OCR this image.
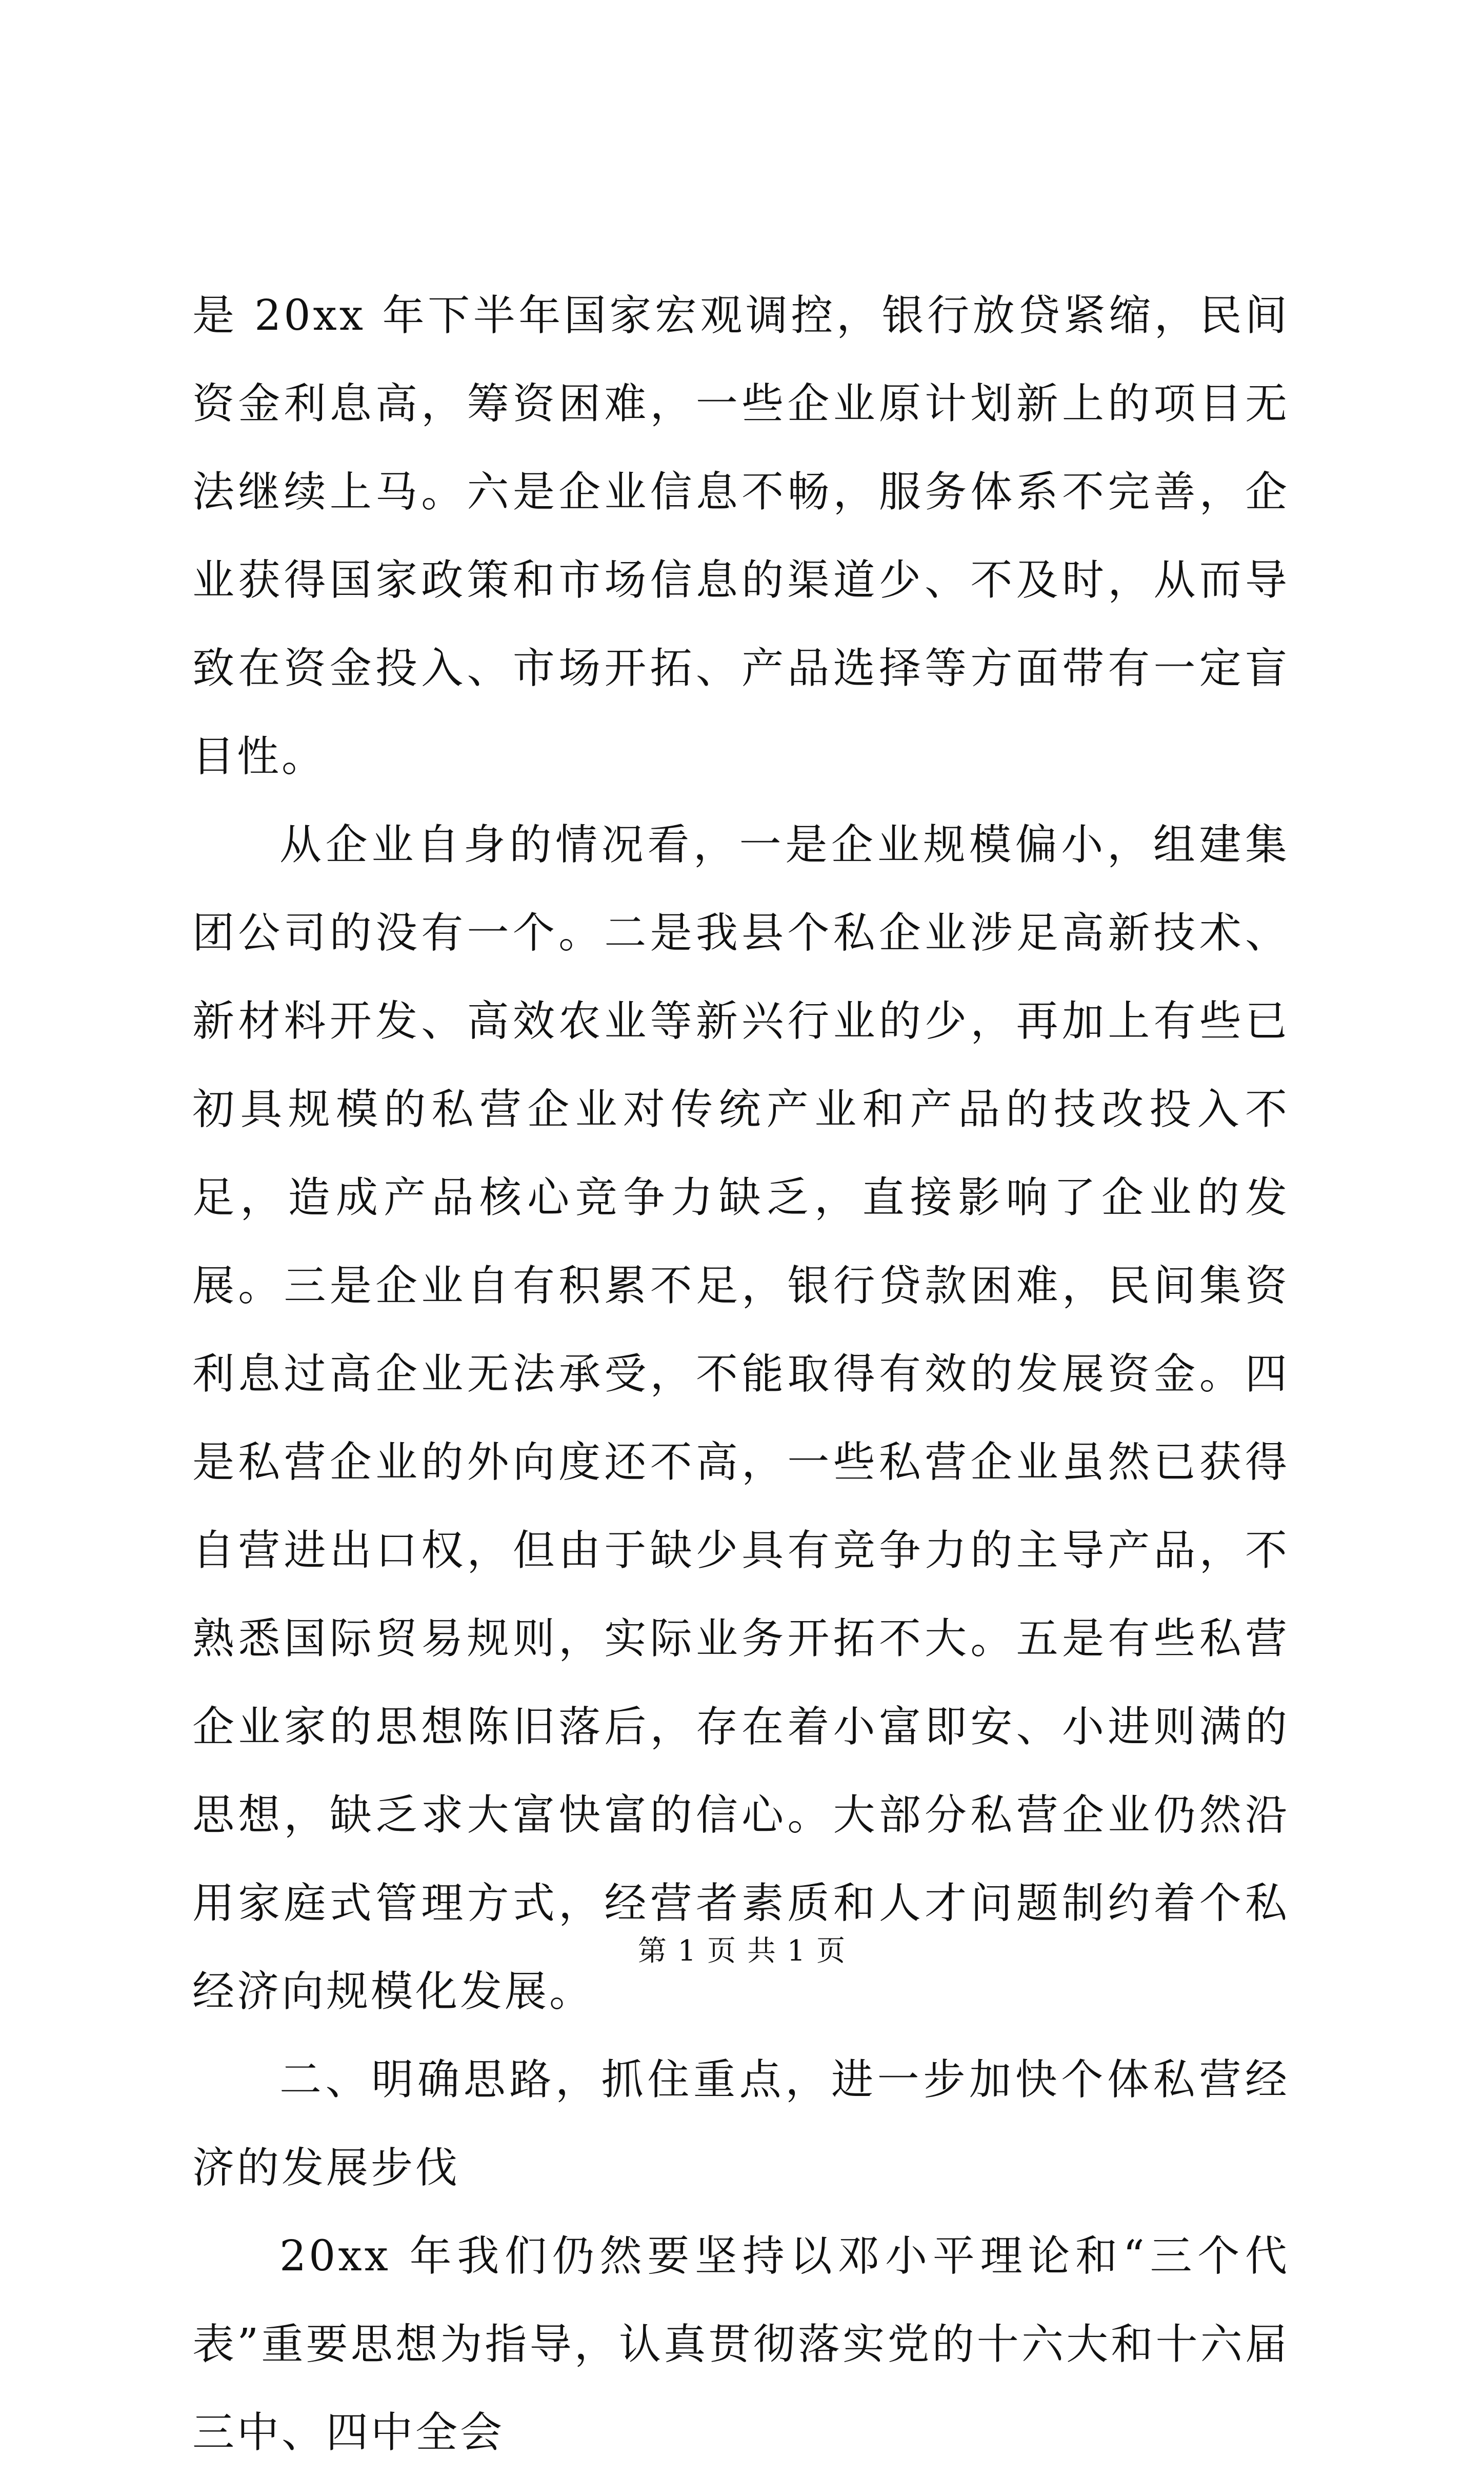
是 20xx 年下半年国家宏观调控，银行放贷紧缩，民间资金利息高，筹资困难，一些企业原计划新上的项目无法继续上马。六是企业信息不畅，服务体系不完善，企业获得国家政策和市场信息的渠道少、不及时，从而导致在资金投入、市场开拓、产品选择等方面带有一定盲目性。

从企业自身的情况看，一是企业规模偏小，组建集团公司的没有一个。二是我县个私企业涉足高新技术、新材料开发、高效农业等新兴行业的少，再加上有些已初具规模的私营企业对传统产业和产品的技改投入不足，造成产品核心竞争力缺乏，直接影响了企业的发展。三是企业自有积累不足，银行贷款困难，民间集资利息过高企业无法承受，不能取得有效的发展资金。四是私营企业的外向度还不高，一些私营企业虽然已获得自营进出口权，但由于缺少具有竞争力的主导产品，不熟悉国际贸易规则，实际业务开拓不大。五是有些私营企业家的思想陈旧落后，存在着小富即安、小进则满的思想，缺乏求大富快富的信心。大部分私营企业仍然沿用家庭式管理方式，经营者素质和人才问题制约着个私经济向规模化发展。

二、明确思路，抓住重点，进一步加快个体私营经济的发展步伐

20xx 年我们仍然要坚持以邓小平理论和“三个代表”重要思想为指导，认真贯彻落实党的十六大和十六届三中、四中全会

第 1 页 共 1 页
